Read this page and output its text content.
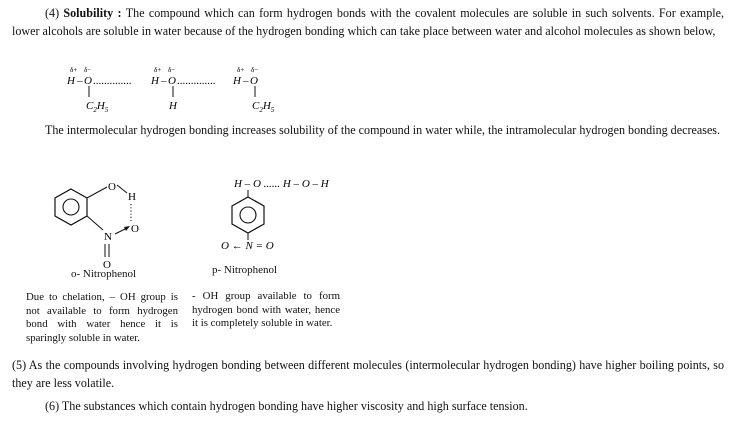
(4) Solubility : The compound which can form hydrogen bonds with the covalent molecules are soluble in such solvents. For example, lower alcohols are soluble in water because of the hydrogen bonding which can take place between water and alcohol molecules as shown below,

δ+ δ−	δ+ δ−	δ+ δ−
H – O .............. H – O .............. H – O
$C_2H_5$	H	$C_2H_5$
O
H
N
O
O
H – O ...... H – O – H
O ← N = O

The intermolecular hydrogen bonding increases solubility of the compound in water while, the intramolecular hydrogen bonding decreases.

o- Nitrophenol	p- Nitrophenol

Due to chelation, – OH group is not available to form hydrogen bond with water hence it is sparingly soluble in water.

- OH group available to form hydrogen bond with water, hence it is completely soluble in water.

(5) As the compounds involving hydrogen bonding between different molecules (intermolecular hydrogen bonding) have higher boiling points, so they are less volatile.

(6) The substances which contain hydrogen bonding have higher viscosity and high surface tension.
